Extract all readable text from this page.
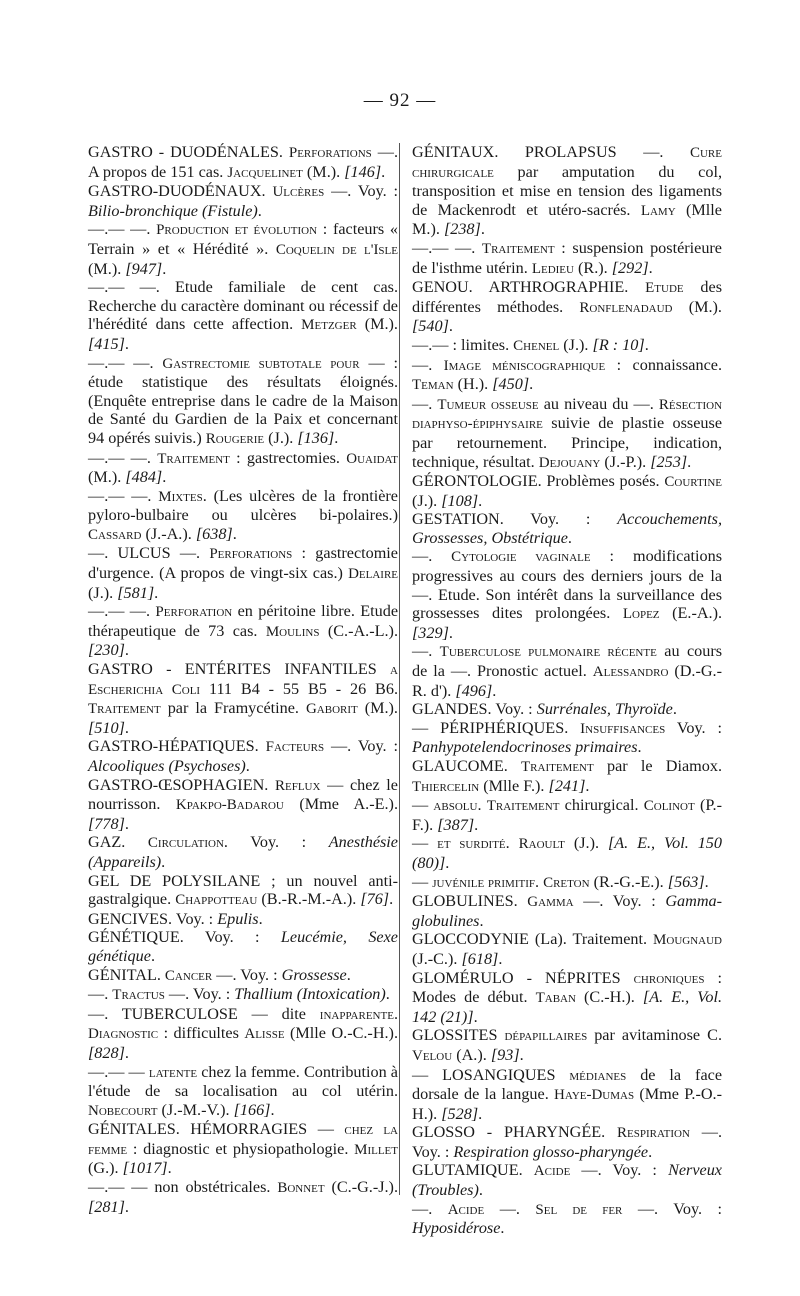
— 92 —

GASTRO - DUODÉNALES. Perforations —. A propos de 151 cas. Jacquelinet (M.). [146].

GASTRO-DUODÉNAUX. Ulcères —. Voy. : Bilio-bronchique (Fistule).

—.— —. Production et évolution : facteurs « Terrain » et « Hérédité ». Coquelin de l'Isle (M.). [947].

—.— —. Etude familiale de cent cas. Recherche du caractère dominant ou récessif de l'hérédité dans cette affection. Metzger (M.). [415].

—.— —. Gastrectomie subtotale pour — : étude statistique des résultats éloignés. (Enquête entreprise dans le cadre de la Maison de Santé du Gardien de la Paix et concernant 94 opérés suivis.) Rougerie (J.). [136].

—.— —. Traitement : gastrectomies. Ouaidat (M.). [484].

—.— —. Mixtes. (Les ulcères de la frontière pyloro-bulbaire ou ulcères bi-polaires.) Cassard (J.-A.). [638].

—. ULCUS —. Perforations : gastrectomie d'urgence. (A propos de vingt-six cas.) Delaire (J.). [581].

—.— —. Perforation en péritoine libre. Etude thérapeutique de 73 cas. Moulins (C.-A.-L.). [230].

GASTRO - ENTÉRITES INFANTILES a Escherichia Coli 111 B4 - 55 B5 - 26 B6. Traitement par la Framycétine. Gaborit (M.). [510].

GASTRO-HÉPATIQUES. Facteurs —. Voy. : Alcooliques (Psychoses).

GASTRO-ŒSOPHAGIEN. Reflux — chez le nourrisson. Kpakpo-Badarou (Mme A.-E.). [778].

GAZ. Circulation. Voy. : Anesthésie (Appareils).

GEL DE POLYSILANE ; un nouvel anti-gastralgique. Chappotteau (B.-R.-M.-A.). [76].

GENCIVES. Voy. : Epulis.

GÉNÉTIQUE. Voy. : Leucémie, Sexe génétique.

GÉNITAL. Cancer —. Voy. : Grossesse.

—. Tractus —. Voy. : Thallium (Intoxication).

—. TUBERCULOSE — dite inapparente. Diagnostic : difficultes Alisse (Mlle O.-C.-H.). [828].

—.— — latente chez la femme. Contribution à l'étude de sa localisation au col utérin. Nobecourt (J.-M.-V.). [166].

GÉNITALES. HÉMORRAGIES — chez la femme : diagnostic et physiopathologie. Millet (G.). [1017].

—.— — non obstétricales. Bonnet (C.-G.-J.). [281].

GÉNITAUX. PROLAPSUS —. Cure chirurgicale par amputation du col, transposition et mise en tension des ligaments de Mackenrodt et utéro-sacrés. Lamy (Mlle M.). [238].

—.— —. Traitement : suspension postérieure de l'isthme utérin. Ledieu (R.). [292].

GENOU. ARTHROGRAPHIE. Etude des différentes méthodes. Ronflenadaud (M.). [540].

—.— : limites. Chenel (J.). [R : 10].

—. Image méniscographique : connaissance. Teman (H.). [450].

—. Tumeur osseuse au niveau du —. Résection diaphyso-épiphysaire suivie de plastie osseuse par retournement. Principe, indication, technique, résultat. Dejouany (J.-P.). [253].

GÉRONTOLOGIE. Problèmes posés. Courtine (J.). [108].

GESTATION. Voy. : Accouchements, Grossesses, Obstétrique.

—. Cytologie vaginale : modifications progressives au cours des derniers jours de la —. Etude. Son intérêt dans la surveillance des grossesses dites prolongées. Lopez (E.-A.). [329].

—. Tuberculose pulmonaire récente au cours de la —. Pronostic actuel. Alessandro (D.-G.-R. d'). [496].

GLANDES. Voy. : Surrénales, Thyroïde.

— PÉRIPHÉRIQUES. Insuffisances Voy. : Panhypotelendocrinoses primaires.

GLAUCOME. Traitement par le Diamox. Thiercelin (Mlle F.). [241].

— absolu. Traitement chirurgical. Colinot (P.-F.). [387].

— et surdité. Raoult (J.). [A. E., Vol. 150 (80)].

— juvénile primitif. Creton (R.-G.-E.). [563].

GLOBULINES. Gamma —. Voy. : Gamma-globulines.

GLOCCODYNIE (La). Traitement. Mougnaud (J.-C.). [618].

GLOMÉRULO - NÉPRITES chroniques : Modes de début. Taban (C.-H.). [A. E., Vol. 142 (21)].

GLOSSITES dépapillaires par avitaminose C. Velou (A.). [93].

— LOSANGIQUES médianes de la face dorsale de la langue. Haye-Dumas (Mme P.-O.-H.). [528].

GLOSSO - PHARYNGÉE. Respiration —. Voy. : Respiration glosso-pharyngée.

GLUTAMIQUE. Acide —. Voy. : Nerveux (Troubles).

—. Acide —. Sel de fer —. Voy. : Hyposidérose.
